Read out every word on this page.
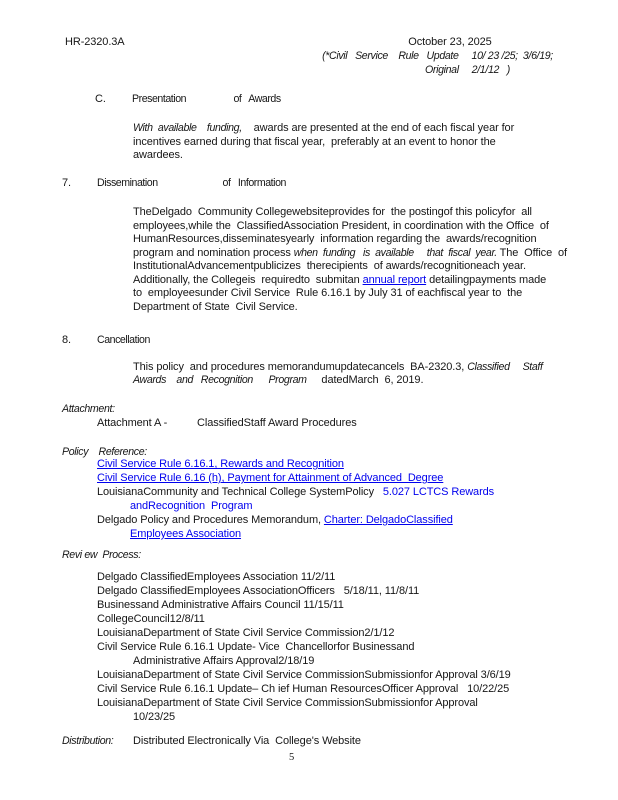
HR-2320.3A	October 23, 2025
(*Civil   Service    Rule   Update     10/ 23 /25;  3/6/19;
Original     2/1/12   )
C. Presentation                   of   Awards
With  available    funding,    awards are presented at the end of each fiscal year for
incentives earned during that fiscal year,  preferably at an event to honor the
awardees.
7. Dissemination                          of   Information
TheDelgado  Community Collegewebsiteprovides for  the postingof this policyfor  all
employees,while the  ClassifiedAssociation President, in coordination with the Office  of
HumanResources,disseminatesyearly  information regarding the  awards/recognition
program and nomination process when  funding   is  available     that  fiscal  year. The  Office  of
InstitutionalAdvancementpublicizes  therecipients  of awards/recognitioneach year.
Additionally, the Collegeis  requiredto  submitan annual report detailingpayments made
to  employeesunder Civil Service  Rule 6.16.1 by July 31 of eachfiscal year to  the
Department of State  Civil Service.
8. Cancellation
This policy  and procedures memorandumupdatecancels  BA-2320.3, Classified     Staff
Awards    and   Recognition      Program     datedMarch  6, 2019.
Attachment:
Attachment A -	ClassifiedStaff Award Procedures
Policy    Reference:
Civil Service Rule 6.16.1, Rewards and Recognition
Civil Service Rule 6.16 (h), Payment for Attainment of Advanced  Degree
LouisianaCommunity and Technical College SystemPolicy   5.027 LCTCS Rewards
andRecognition  Program
Delgado Policy and Procedures Memorandum, Charter: DelgadoClassified
Employees Association
Revi ew  Process:
Delgado ClassifiedEmployees Association 11/2/11
Delgado ClassifiedEmployees AssociationOfficers   5/18/11, 11/8/11
Businessand Administrative Affairs Council 11/15/11
CollegeCouncil12/8/11
LouisianaDepartment of State Civil Service Commission2/1/12
Civil Service Rule 6.16.1 Update- Vice  Chancellorfor Businessand
Administrative Affairs Approval2/18/19
LouisianaDepartment of State Civil Service CommissionSubmissionfor Approval 3/6/19
Civil Service Rule 6.16.1 Update– Ch ief Human ResourcesOfficer Approval   10/22/25
LouisianaDepartment of State Civil Service CommissionSubmissionfor Approval
10/23/25
Distribution: Distributed Electronically Via  College's Website
5
